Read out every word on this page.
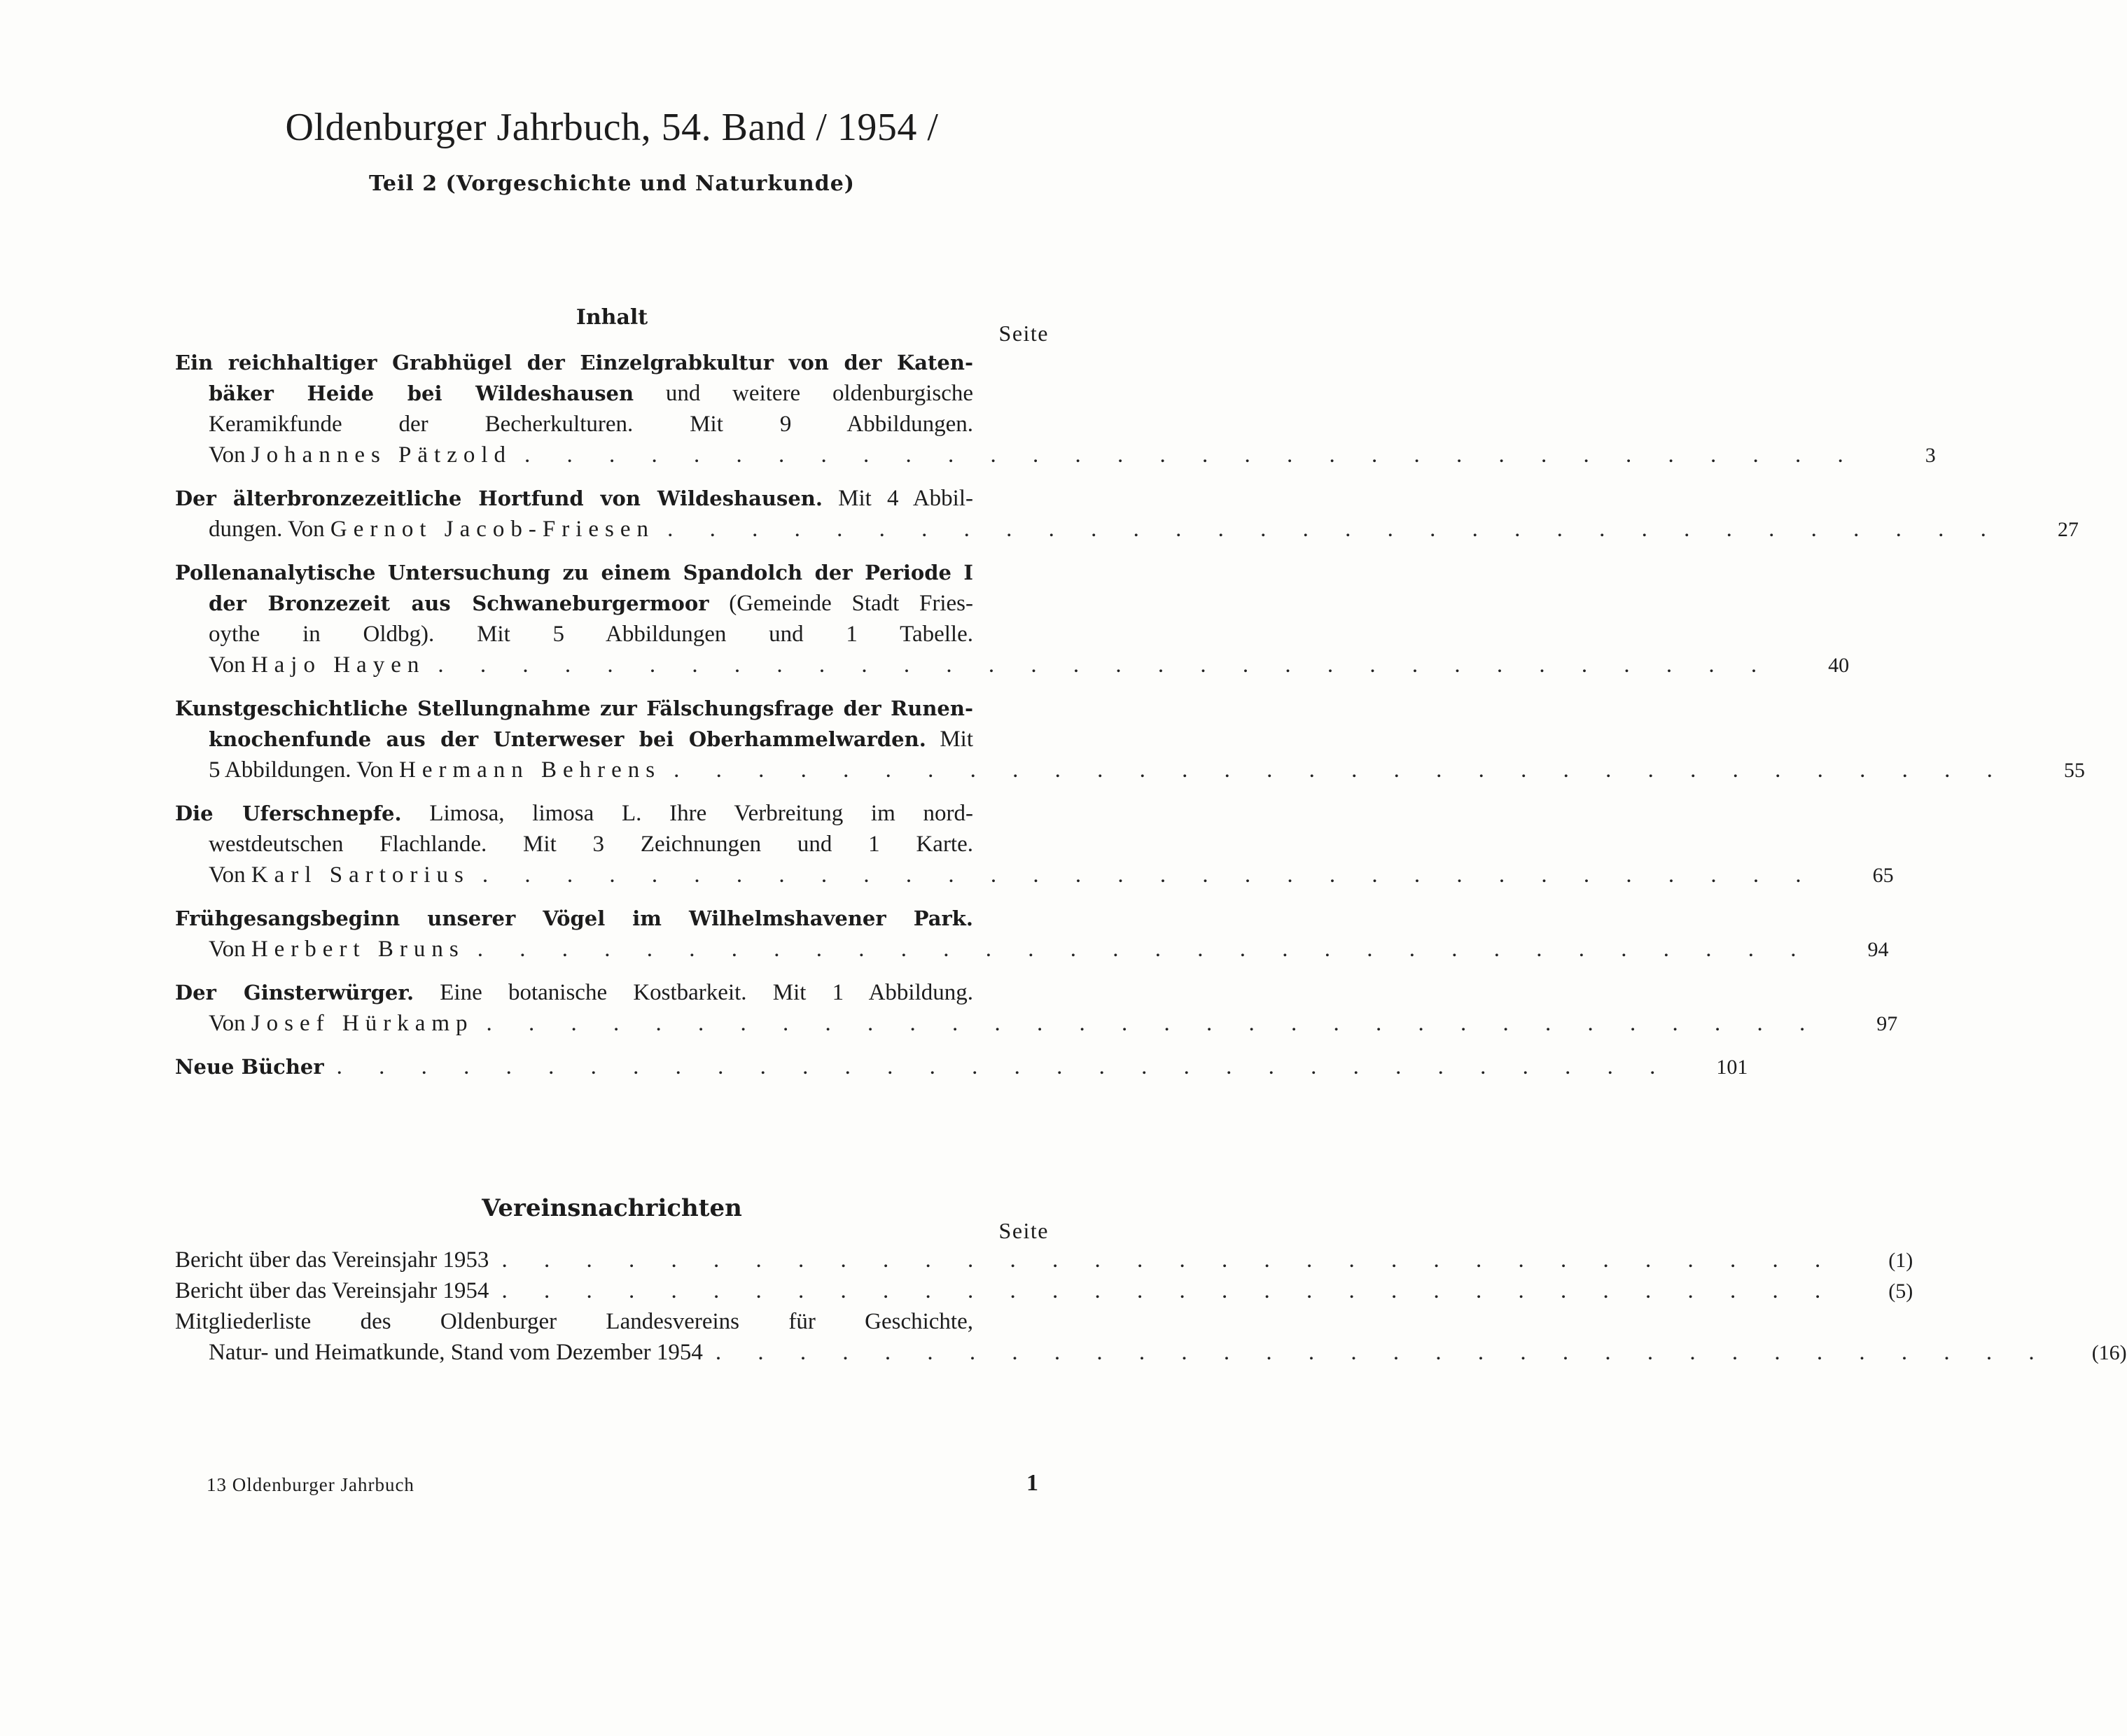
Oldenburger Jahrbuch, 54. Band / 1954 /
Teil 2 (Vorgeschichte und Naturkunde)
Inhalt
Seite
Ein reichhaltiger Grabhügel der Einzelgrabkultur von der Katen-
bäker Heide bei Wildeshausen und weitere oldenburgische
Keramikfunde der Becherkulturen. Mit 9 Abbildungen.
Von Johannes Pätzold . . . . . . . . . . . . . . . . . . . . . . . . . . . . . . . .	3
Der älterbronzezeitliche Hortfund von Wildeshausen. Mit 4 Abbil-
dungen. Von Gernot Jacob-Friesen . . . . . . . . . . . . . . . . . . . . . . . . . . . . . . . .	27
Pollenanalytische Untersuchung zu einem Spandolch der Periode I
der Bronzezeit aus Schwaneburgermoor (Gemeinde Stadt Fries-
oythe in Oldbg). Mit 5 Abbildungen und 1 Tabelle.
Von Hajo Hayen . . . . . . . . . . . . . . . . . . . . . . . . . . . . . . . .	40
Kunstgeschichtliche Stellungnahme zur Fälschungsfrage der Runen-
knochenfunde aus der Unterweser bei Oberhammelwarden. Mit
5 Abbildungen. Von Hermann Behrens . . . . . . . . . . . . . . . . . . . . . . . . . . . . . . . .	55
Die Uferschnepfe. Limosa, limosa L. Ihre Verbreitung im nord-
westdeutschen Flachlande. Mit 3 Zeichnungen und 1 Karte.
Von Karl Sartorius . . . . . . . . . . . . . . . . . . . . . . . . . . . . . . . .	65
Frühgesangsbeginn unserer Vögel im Wilhelmshavener Park.
Von Herbert Bruns . . . . . . . . . . . . . . . . . . . . . . . . . . . . . . . .	94
Der Ginsterwürger. Eine botanische Kostbarkeit. Mit 1 Abbildung.
Von Josef Hürkamp . . . . . . . . . . . . . . . . . . . . . . . . . . . . . . . .	97
Neue Bücher . . . . . . . . . . . . . . . . . . . . . . . . . . . . . . . .	101
Vereinsnachrichten
Seite
Bericht über das Vereinsjahr 1953 . . . . . . . . . . . . . . . . . . . . . . . . . . . . . . . .	(1)
Bericht über das Vereinsjahr 1954 . . . . . . . . . . . . . . . . . . . . . . . . . . . . . . . .	(5)
Mitgliederliste des Oldenburger Landesvereins für Geschichte,
Natur- und Heimatkunde, Stand vom Dezember 1954 . . . . . . . . . . . . . . . . . . . . . . . . . . . . . . . .	(16)
13 Oldenburger Jahrbuch	1
